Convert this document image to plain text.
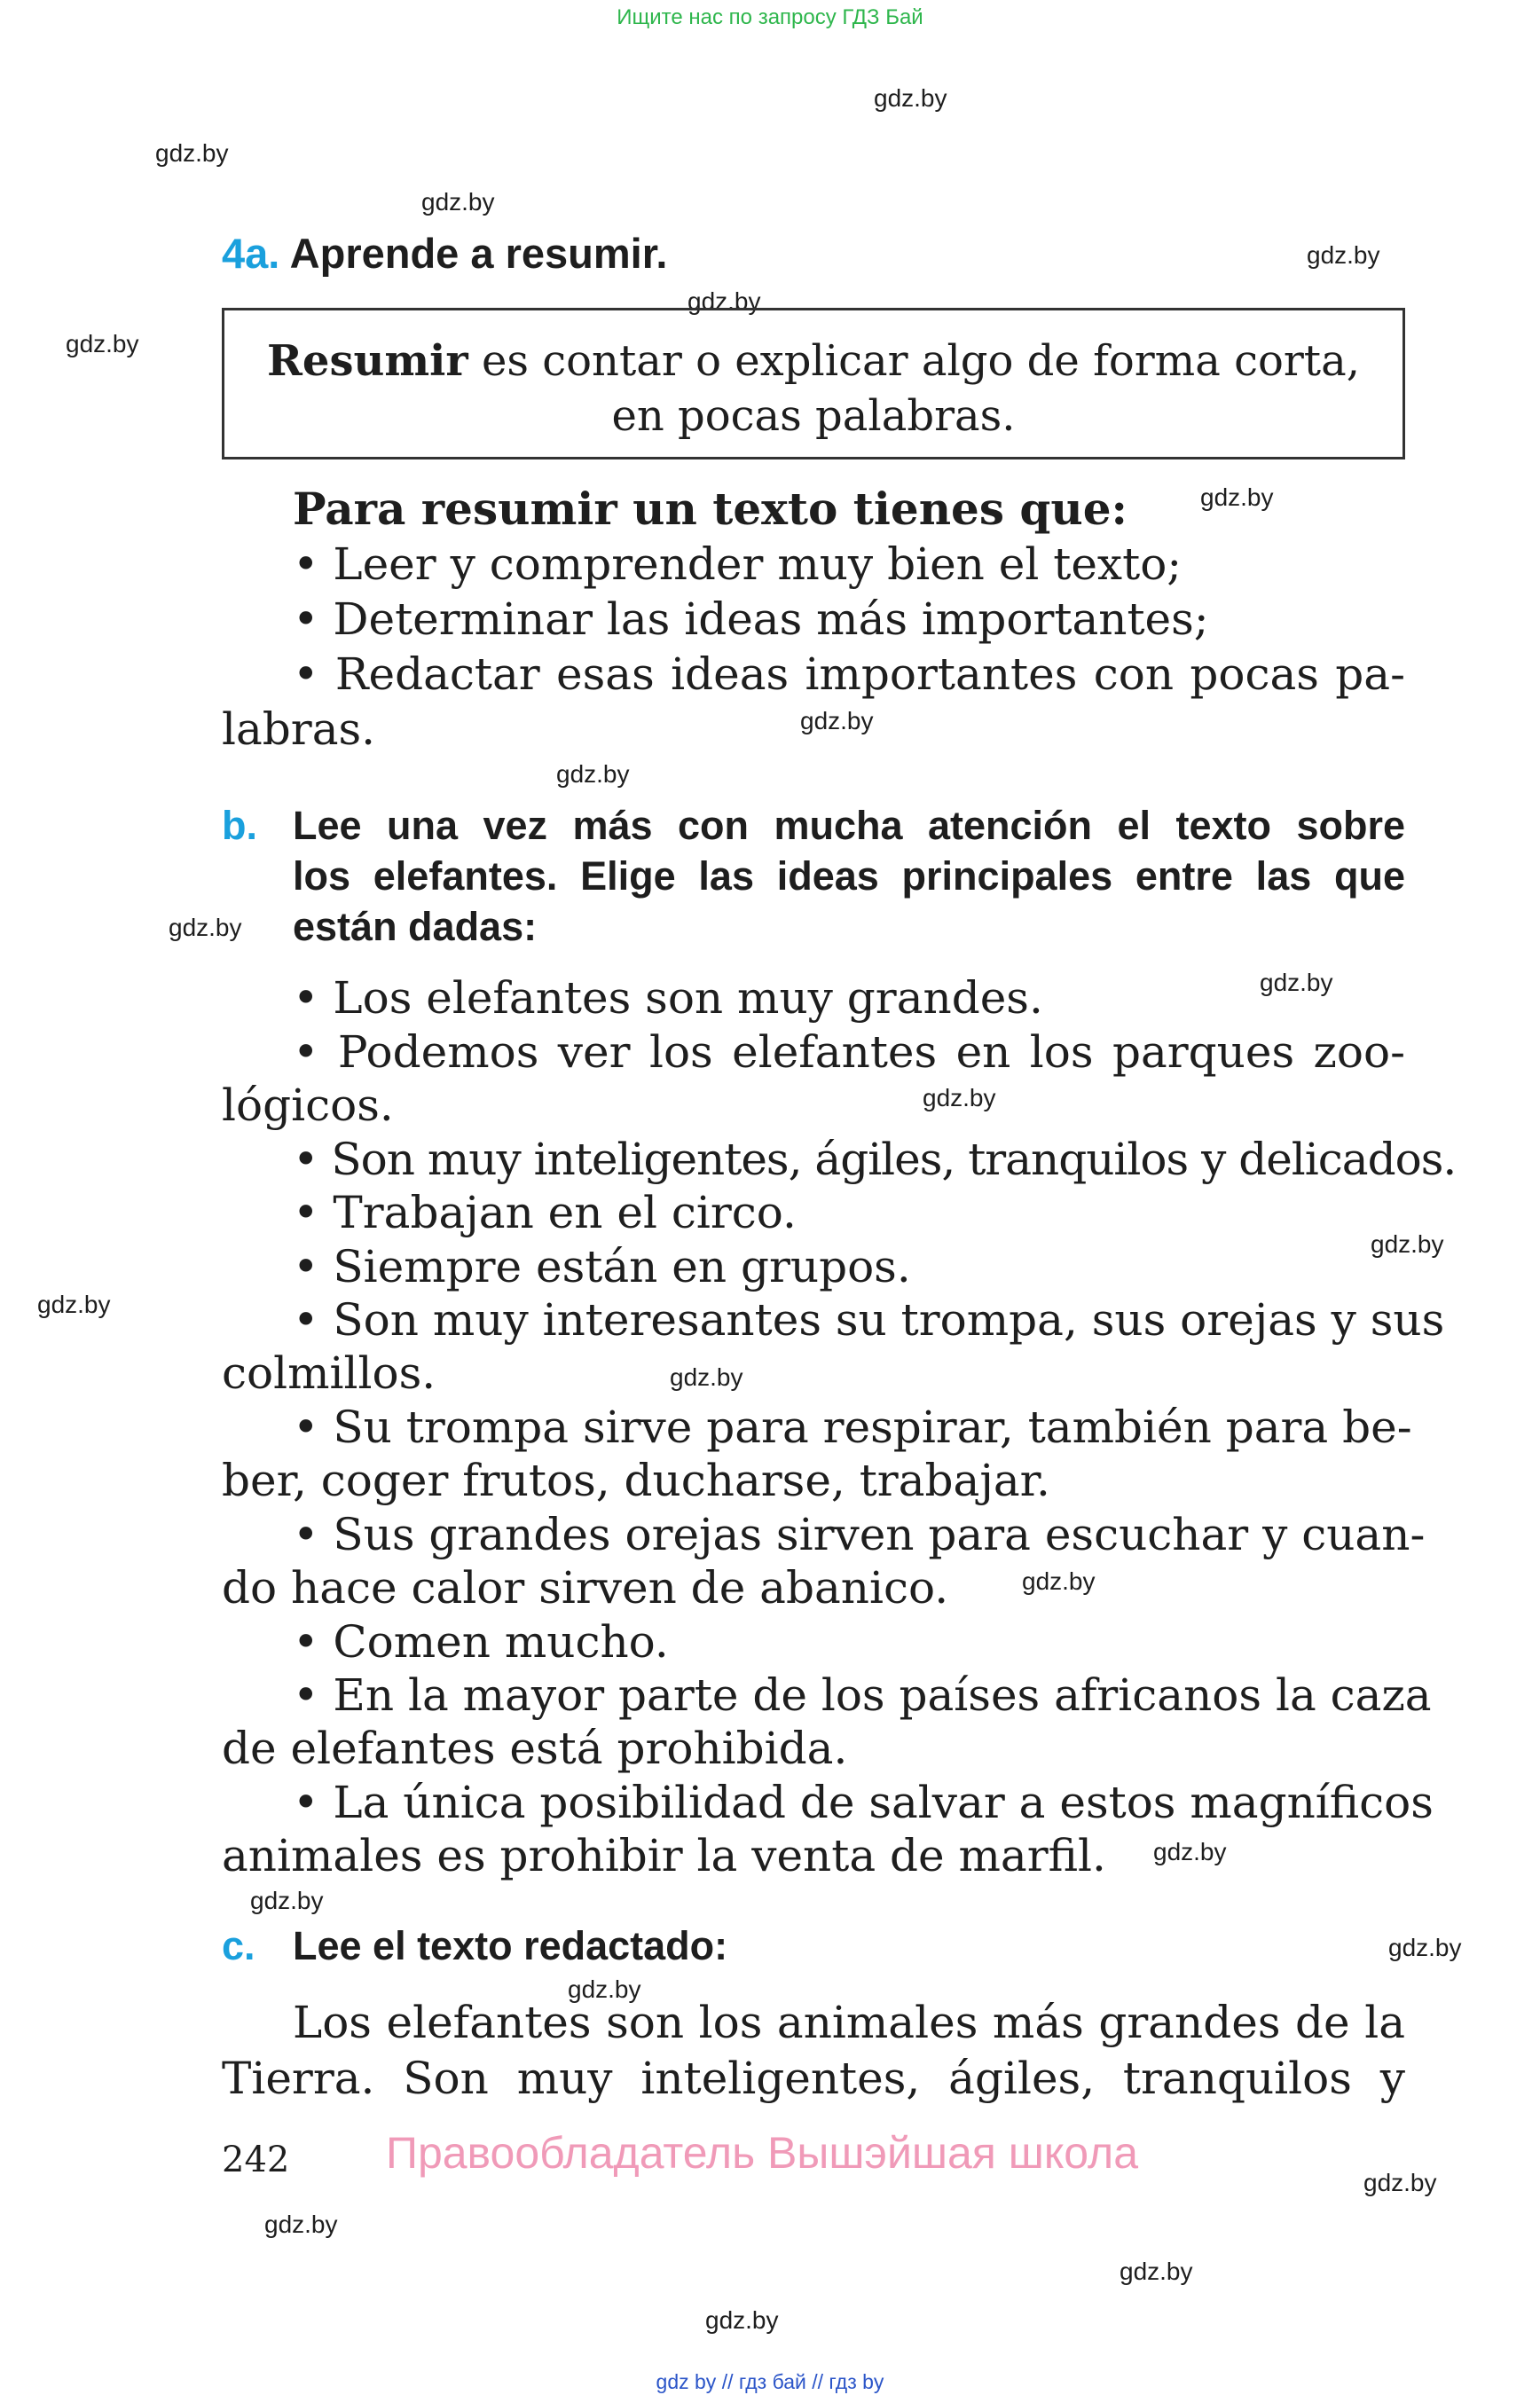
Ищите нас по запросу ГДЗ Бай
gdz.by
gdz.by
gdz.by
gdz.by
gdz.by
gdz.by
gdz.by
gdz.by
gdz.by
gdz.by
gdz.by
gdz.by
gdz.by
gdz.by
gdz.by
gdz.by
gdz.by
gdz.by
gdz.by
gdz.by
gdz.by
gdz.by
gdz.by
gdz.by
4a. Aprende a resumir.
Resumir es contar o explicar algo de forma corta,
en pocas palabras.
Para resumir un texto tienes que:
• Leer y comprender muy bien el texto;
• Determinar las ideas más importantes;
• Redactar esas ideas importantes con pocas pa-
labras.
b. Lee una vez más con mucha atención el texto sobre
los elefantes. Elige las ideas principales entre las que
están dadas:
• Los elefantes son muy grandes.
• Podemos ver los elefantes en los parques zoo-
lógicos.
• Son muy inteligentes, ágiles, tranquilos y delicados.
• Trabajan en el circo.
• Siempre están en grupos.
• Son muy interesantes su trompa, sus orejas y sus
colmillos.
• Su trompa sirve para respirar, también para be-
ber, coger frutos, ducharse, trabajar.
• Sus grandes orejas sirven para escuchar y cuan-
do hace calor sirven de abanico.
• Comen mucho.
• En la mayor parte de los países africanos la caza
de elefantes está prohibida.
• La única posibilidad de salvar a estos magníficos
animales es prohibir la venta de marfil.
c. Lee el texto redactado:
Los elefantes son los animales más grandes de la
Tierra. Son muy inteligentes, ágiles, tranquilos y
242 Правообладатель Вышэйшая школа
gdz by // гдз бай // гдз by
